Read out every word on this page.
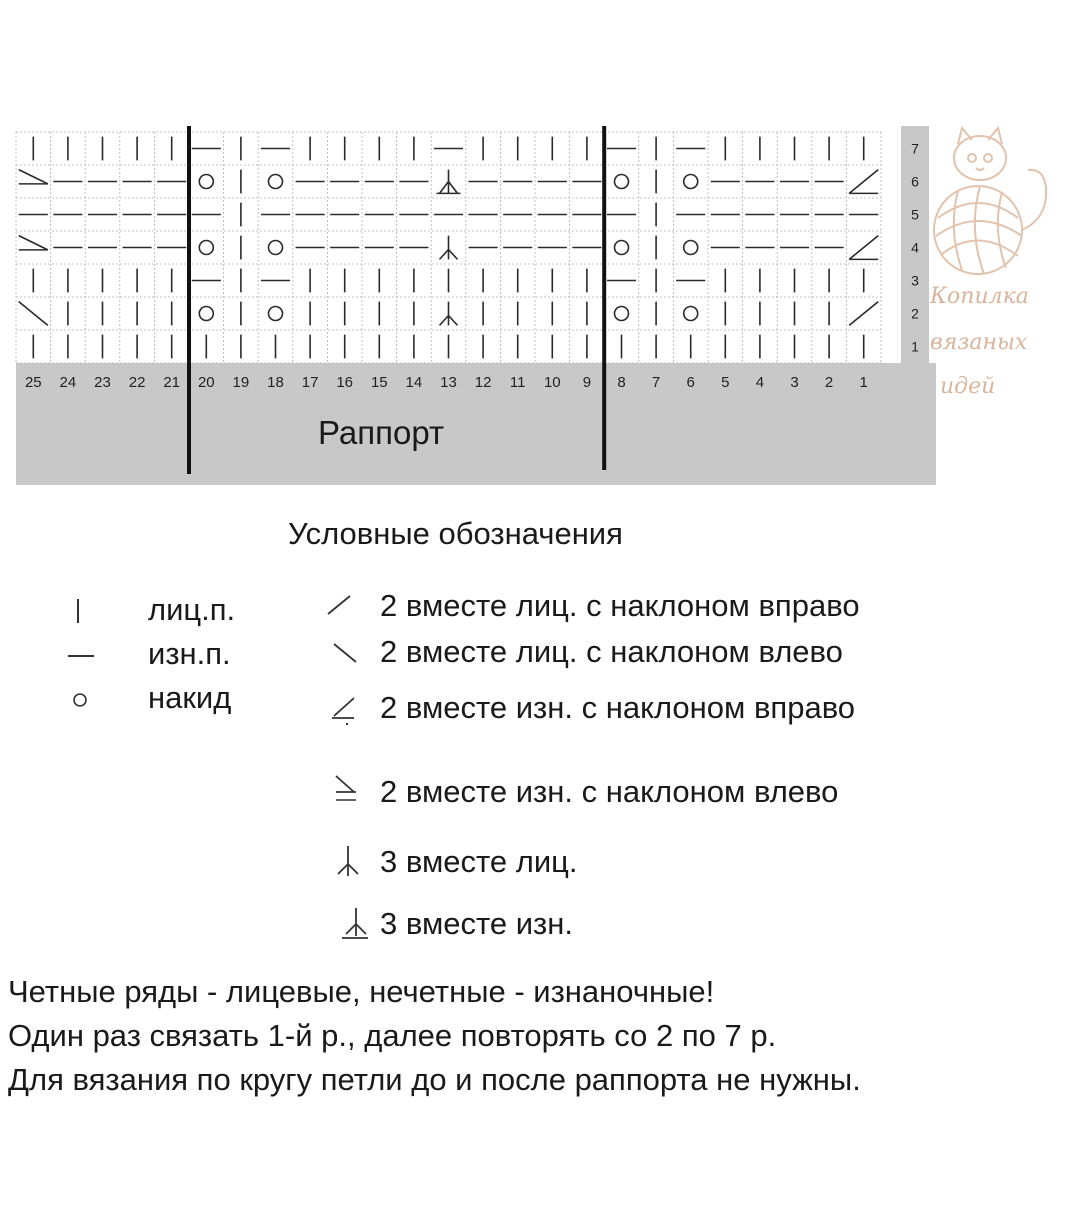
25 24 23 22 21 20 19 18 17 16 15 14 13 12 11 10 9 8 7 6 5 4 3 2 1
7
6
5
4
3
2
1
Раппорт
Копилка
вязаных
идей
Условные обозначения
лиц.п.
изн.п.
накид
2 вместе лиц. с наклоном вправо
2 вместе лиц. с наклоном влево
2 вместе изн. с наклоном вправо
2 вместе изн. с наклоном влево
3 вместе лиц.
3 вместе изн.
Четные ряды - лицевые, нечетные - изнаночные!
Один раз связать 1-й р., далее повторять со 2 по 7 р.
Для вязания по кругу петли до и после раппорта не нужны.
